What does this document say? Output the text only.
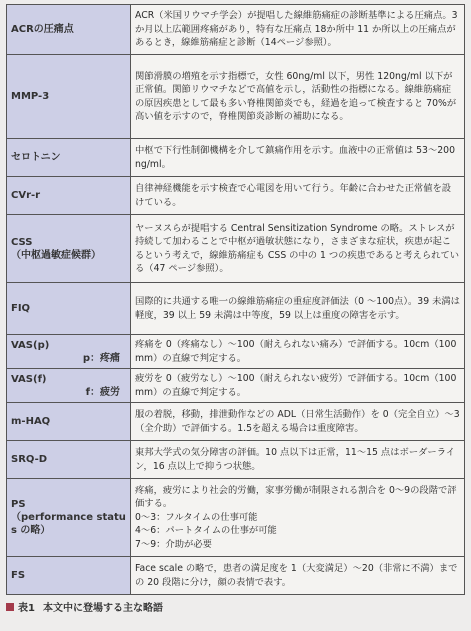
ACRの圧痛点	ACR（米国リウマチ学会）が提唱した線維筋痛症の診断基準による圧痛点。3か月以上広範囲疼痛があり，特有な圧痛点 18か所中 11 か所以上の圧痛点があるとき，線維筋痛症と診断（14ページ参照）。
MMP-3	関節滑膜の増殖を示す指標で，女性 60ng/ml 以下，男性 120ng/ml 以下が正常値。関節リウマチなどで高値を示し，活動性の指標になる。線維筋痛症の原因疾患として最も多い脊椎関節炎でも，経過を追って検査すると 70%が高い値を示すので，脊椎関節炎診断の補助になる。
セロトニン	中枢で下行性制御機構を介して鎮痛作用を示す。血液中の正常値は 53〜200ng/ml。
CVr-r	自律神経機能を示す検査で心電図を用いて行う。年齢に合わせた正常値を設けている。

CSS
（中枢過敏症候群）	ヤーヌスらが提唱する Central Sensitization Syndrome の略。ストレスが持続して加わることで中枢が過敏状態になり，さまざまな症状，疾患が起こるという考えで，線維筋痛症も CSS の中の 1 つの疾患であると考えられている（47 ページ参照）。
FIQ	国際的に共通する唯一の線維筋痛症の重症度評価法（0 〜100点）。39 未満は軽度，39 以上 59 未満は中等度，59 以上は重度の障害を示す。

VAS(p)
p：疼痛	疼痛を 0（疼痛なし）〜100（耐えられない痛み）で評価する。10cm（100mm）の直線で判定する。

VAS(f)
f：疲労	疲労を 0（疲労なし）〜100（耐えられない疲労）で評価する。10cm（100mm）の直線で判定する。
m-HAQ	服の着脱，移動，排泄動作などの ADL（日常生活動作）を 0（完全自立）〜3（全介助）で評価する。1.5を超える場合は重度障害。
SRQ-D	東邦大学式の気分障害の評価。10 点以下は正常，11〜15 点はボーダーライン，16 点以上で抑うつ状態。

PS
（performance status の略）	疼痛，疲労により社会的労働，家事労働が制限される割合を 0〜9の段階で評価する。
0〜3：フルタイムの仕事可能
4〜6：パートタイムの仕事が可能
7〜9：介助が必要

FS	Face scale の略で，患者の満足度を 1（大変満足）〜20（非常に不満）までの 20 段階に分け，顔の表情で表す。
表1 本文中に登場する主な略語
